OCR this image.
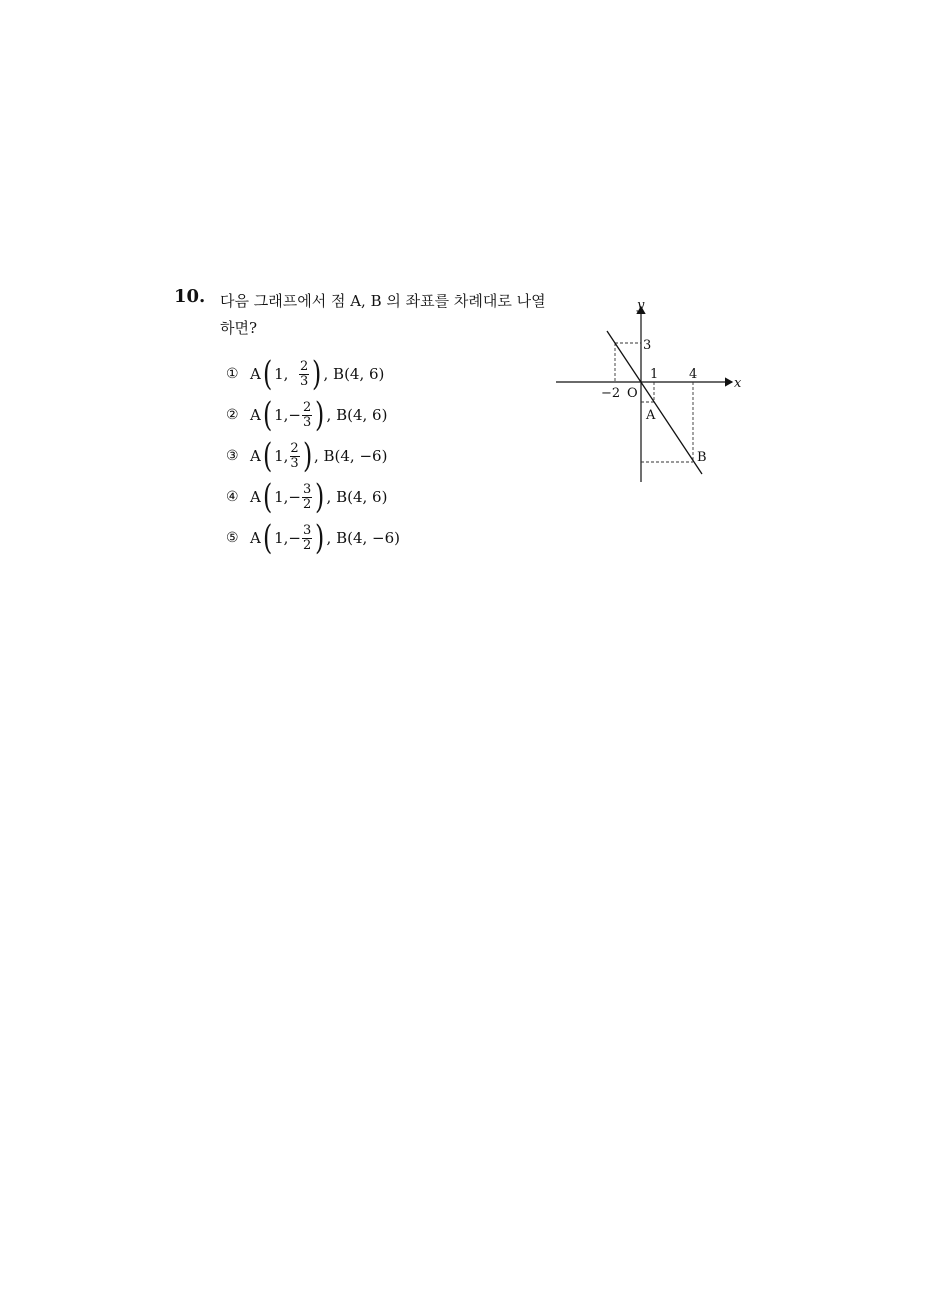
10. 다음 그래프에서 점 A, B 의 좌표를 차례대로 나열하면?
① A ( 1,
$\frac{2}{3}$ ) , B(4, 6)
② A ( 1, − $\frac{2}{3}$ ) , B(4, 6)
③ A ( 1, $\frac{2}{3}$ ) , B(4, −6)
④ A ( 1, − $\frac{3}{2}$ ) , B(4, 6)
⑤ A ( 1, − $\frac{3}{2}$ ) , B(4, −6)
y
x
3
1 4
−2 O
A
B
